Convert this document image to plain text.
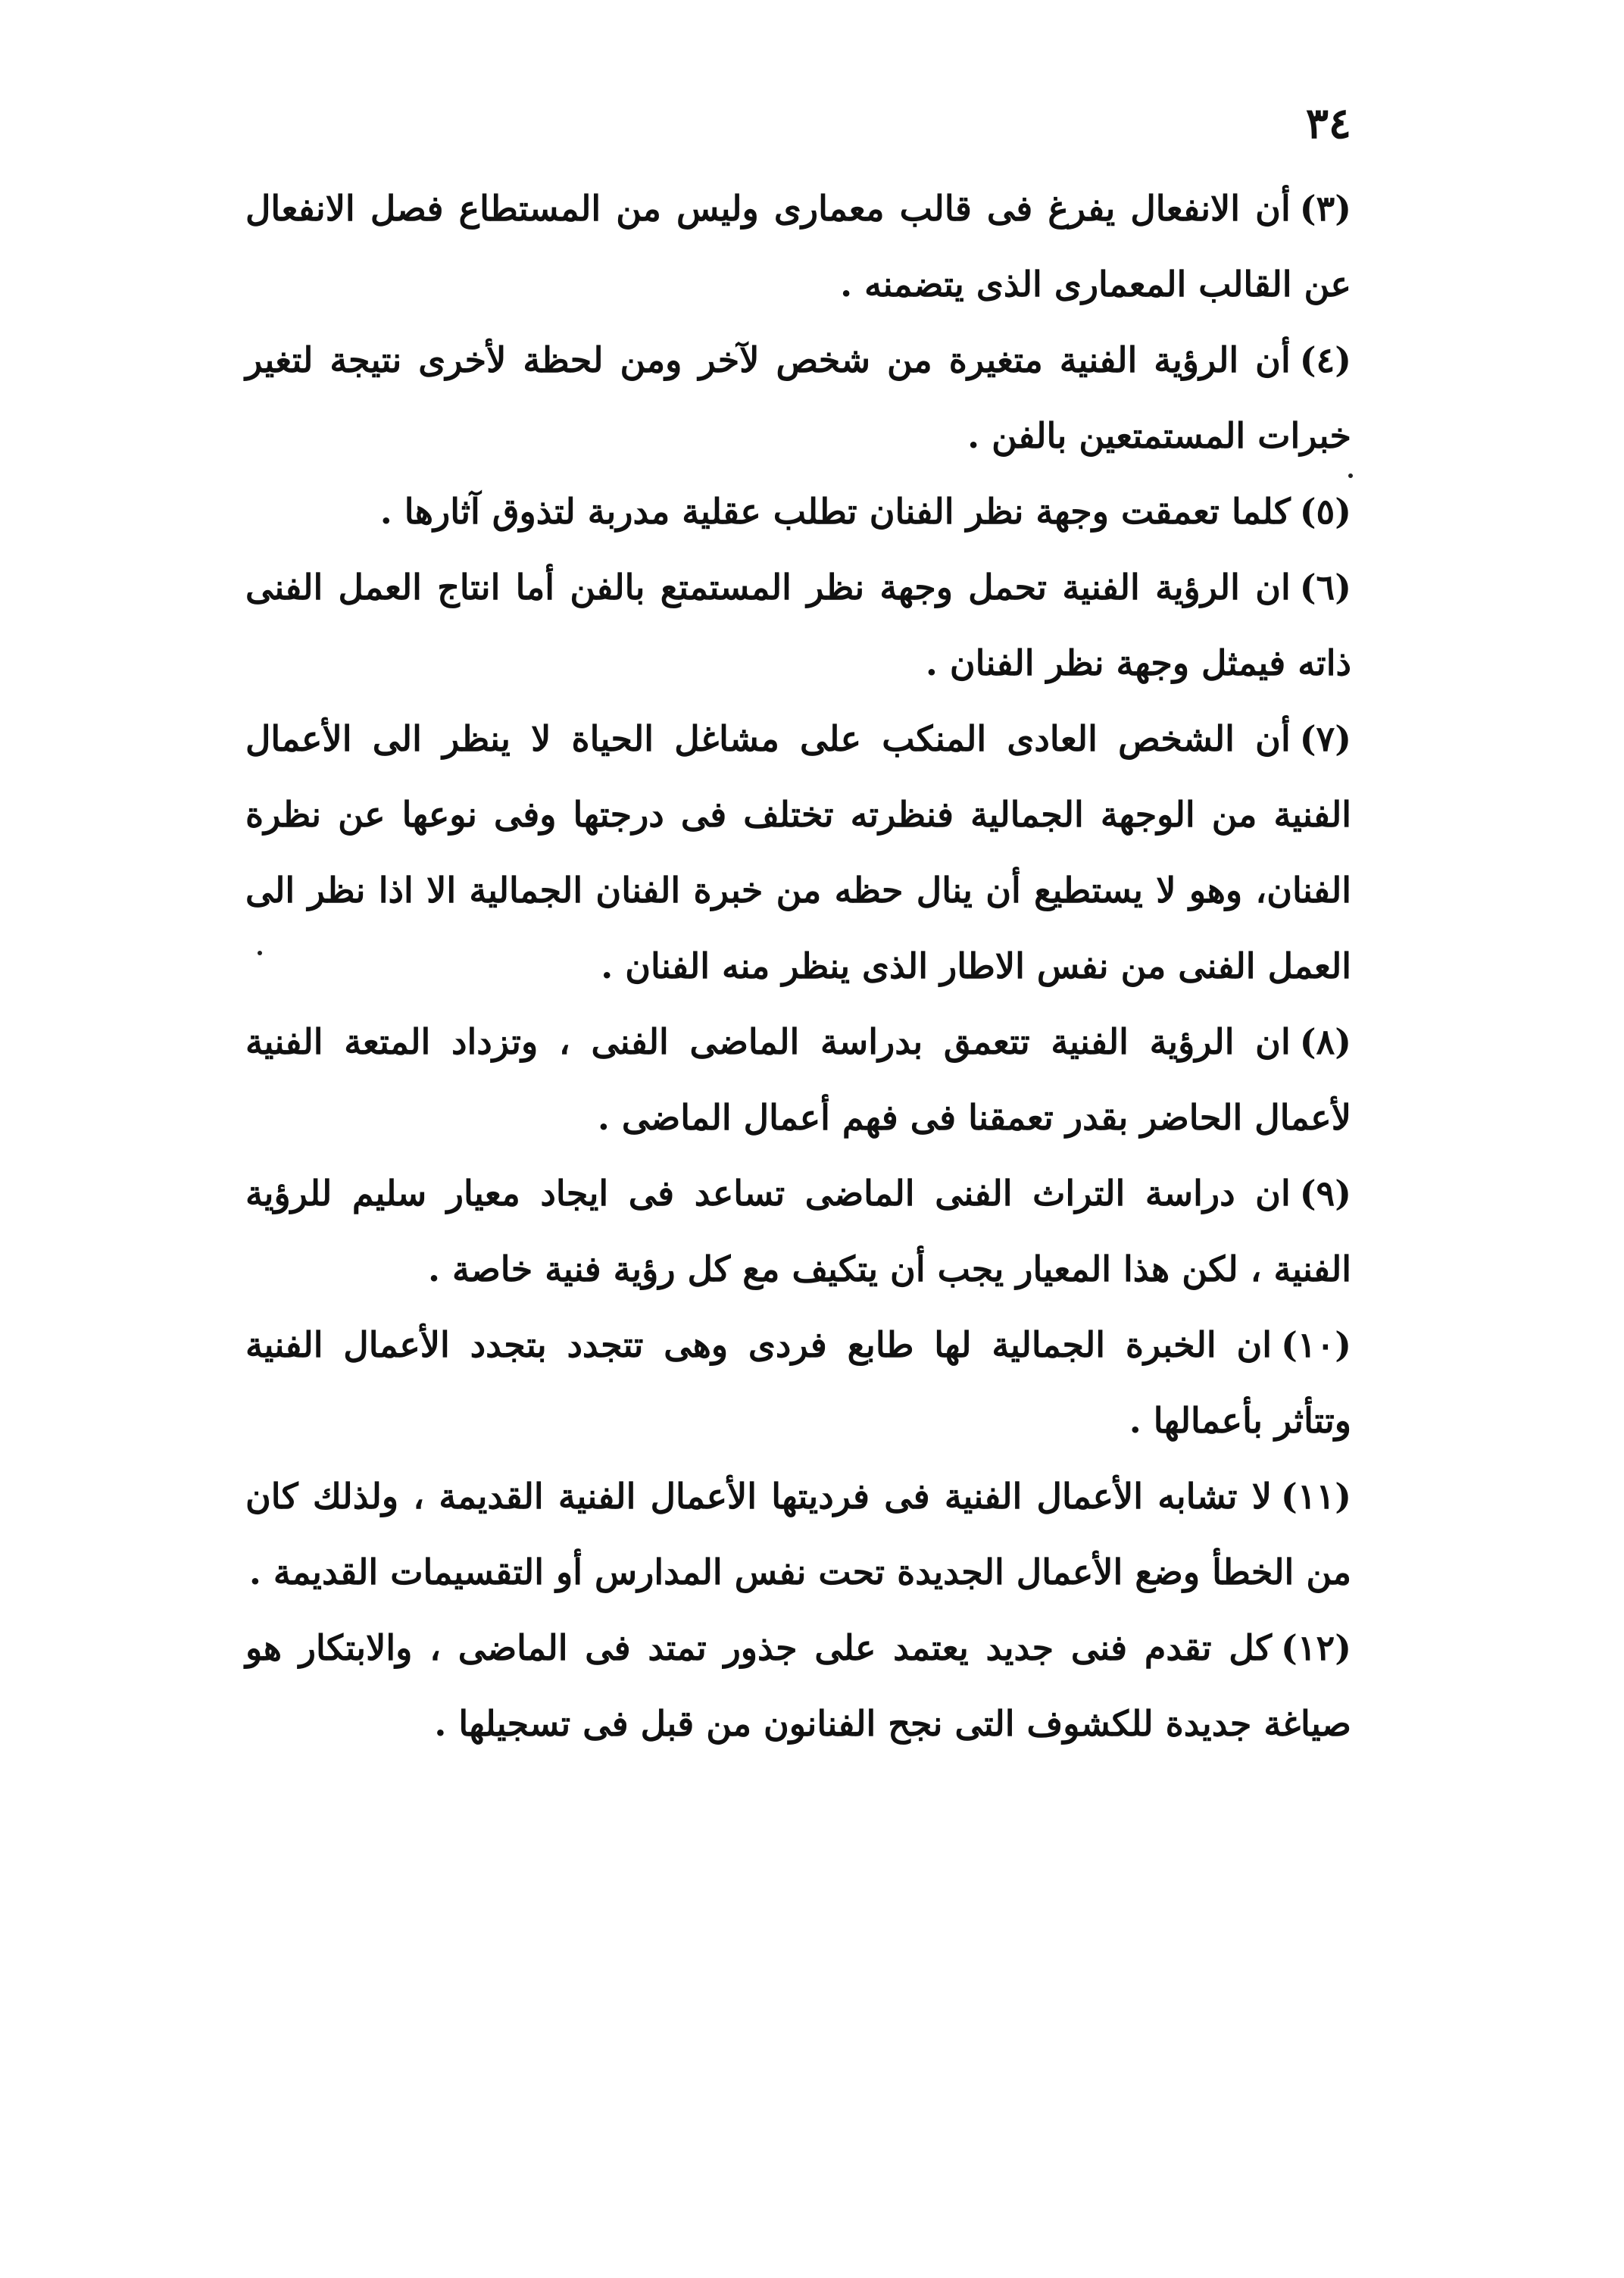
٣٤

(٣)أن الانفعال يفرغ فى قالب معمارى وليس من المستطاع فصل الانفعال عن القالب المعمارى الذى يتضمنه .

(٤)أن الرؤية الفنية متغيرة من شخص لآخر ومن لحظة لأخرى نتيجة لتغير خبرات المستمتعين بالفن .

(٥)كلما تعمقت وجهة نظر الفنان تطلب عقلية مدربة لتذوق آثارها .

(٦)ان الرؤية الفنية تحمل وجهة نظر المستمتع بالفن أما انتاج العمل الفنى ذاته فيمثل وجهة نظر الفنان .

(٧)أن الشخص العادى المنكب على مشاغل الحياة لا ينظر الى الأعمال الفنية من الوجهة الجمالية فنظرته تختلف فى درجتها وفى نوعها عن نظرة الفنان، وهو لا يستطيع أن ينال حظه من خبرة الفنان الجمالية الا اذا نظر الى العمل الفنى من نفس الاطار الذى ينظر منه الفنان .

(٨)ان الرؤية الفنية تتعمق بدراسة الماضى الفنى ، وتزداد المتعة الفنية لأعمال الحاضر بقدر تعمقنا فى فهم أعمال الماضى .

(٩)ان دراسة التراث الفنى الماضى تساعد فى ايجاد معيار سليم للرؤية الفنية ، لكن هذا المعيار يجب أن يتكيف مع كل رؤية فنية خاصة .

(١٠)ان الخبرة الجمالية لها طابع فردى وهى تتجدد بتجدد الأعمال الفنية وتتأثر بأعمالها .

(١١)لا تشابه الأعمال الفنية فى فرديتها الأعمال الفنية القديمة ، ولذلك كان من الخطأ وضع الأعمال الجديدة تحت نفس المدارس أو التقسيمات القديمة .

(١٢)كل تقدم فنى جديد يعتمد على جذور تمتد فى الماضى ، والابتكار هو صياغة جديدة للكشوف التى نجح الفنانون من قبل فى تسجيلها .
